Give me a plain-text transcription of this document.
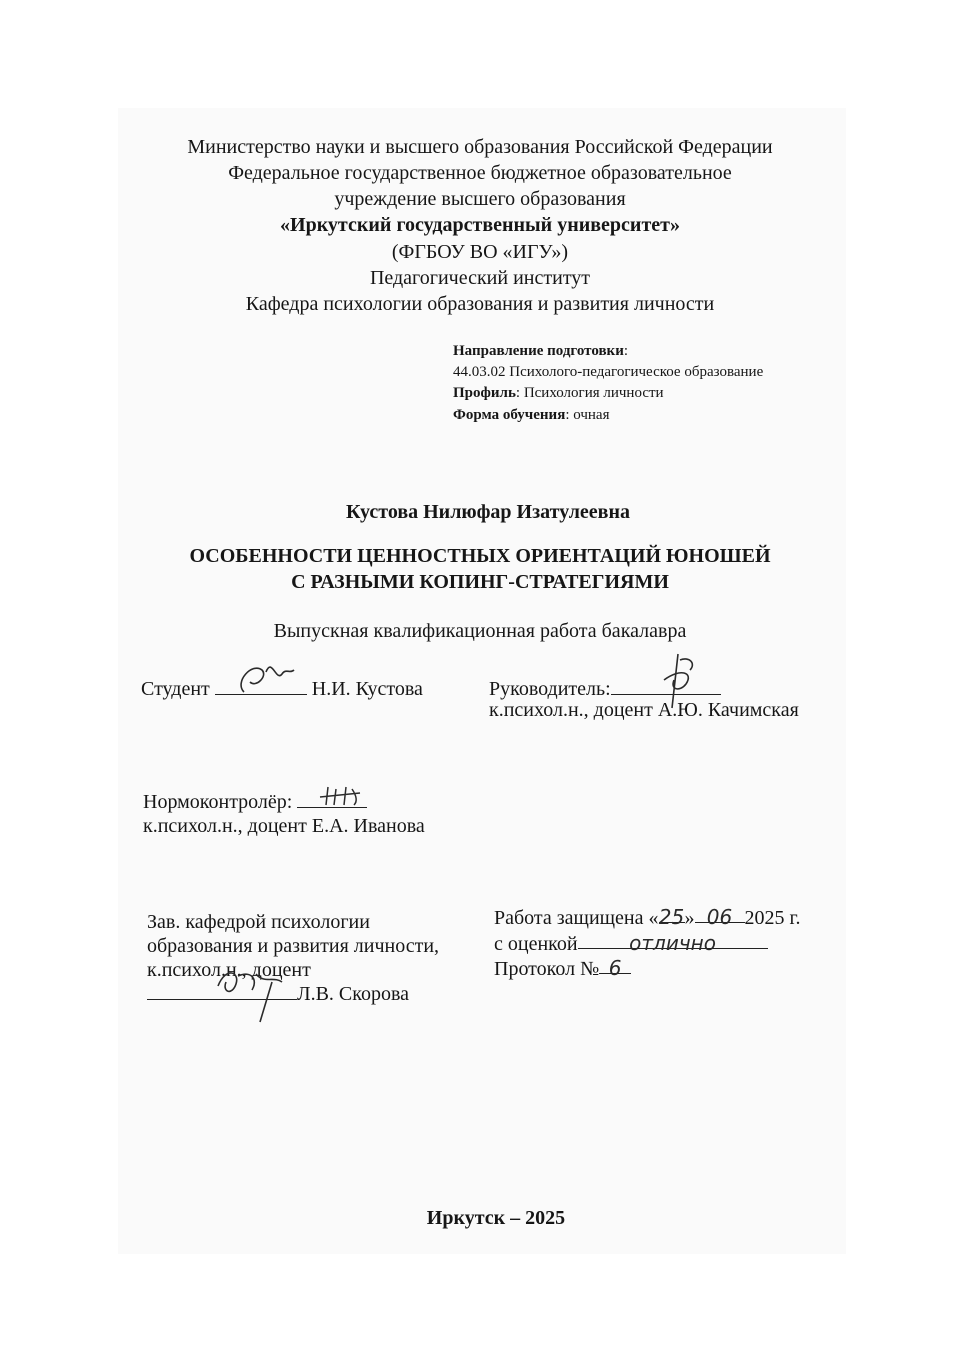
Министерство науки и высшего образования Российской Федерации
Федеральное государственное бюджетное образовательное
учреждение высшего образования
«Иркутский государственный университет»
(ФГБОУ ВО «ИГУ»)
Педагогический институт
Кафедра психологии образования и развития личности
Направление подготовки:
44.03.02 Психолого-педагогическое образование
Профиль: Психология личности
Форма обучения: очная
Кустова Нилюфар Изатулеевна
ОСОБЕННОСТИ ЦЕННОСТНЫХ ОРИЕНТАЦИЙ ЮНОШЕЙ
С РАЗНЫМИ КОПИНГ-СТРАТЕГИЯМИ
Выпускная квалификационная работа бакалавра
Студент	Н.И. Кустова	Руководитель:
к.психол.н., доцент А.Ю. Качимская
Нормоконтролёр:
к.психол.н., доцент Е.А. Иванова
Зав. кафедрой психологии
образования и развития личности,
к.психол.н., доцент
Л.В. Скорова
Работа защищена «25» 06 2025 г.
с оценкой	отлично
Протокол № 6
Иркутск – 2025
